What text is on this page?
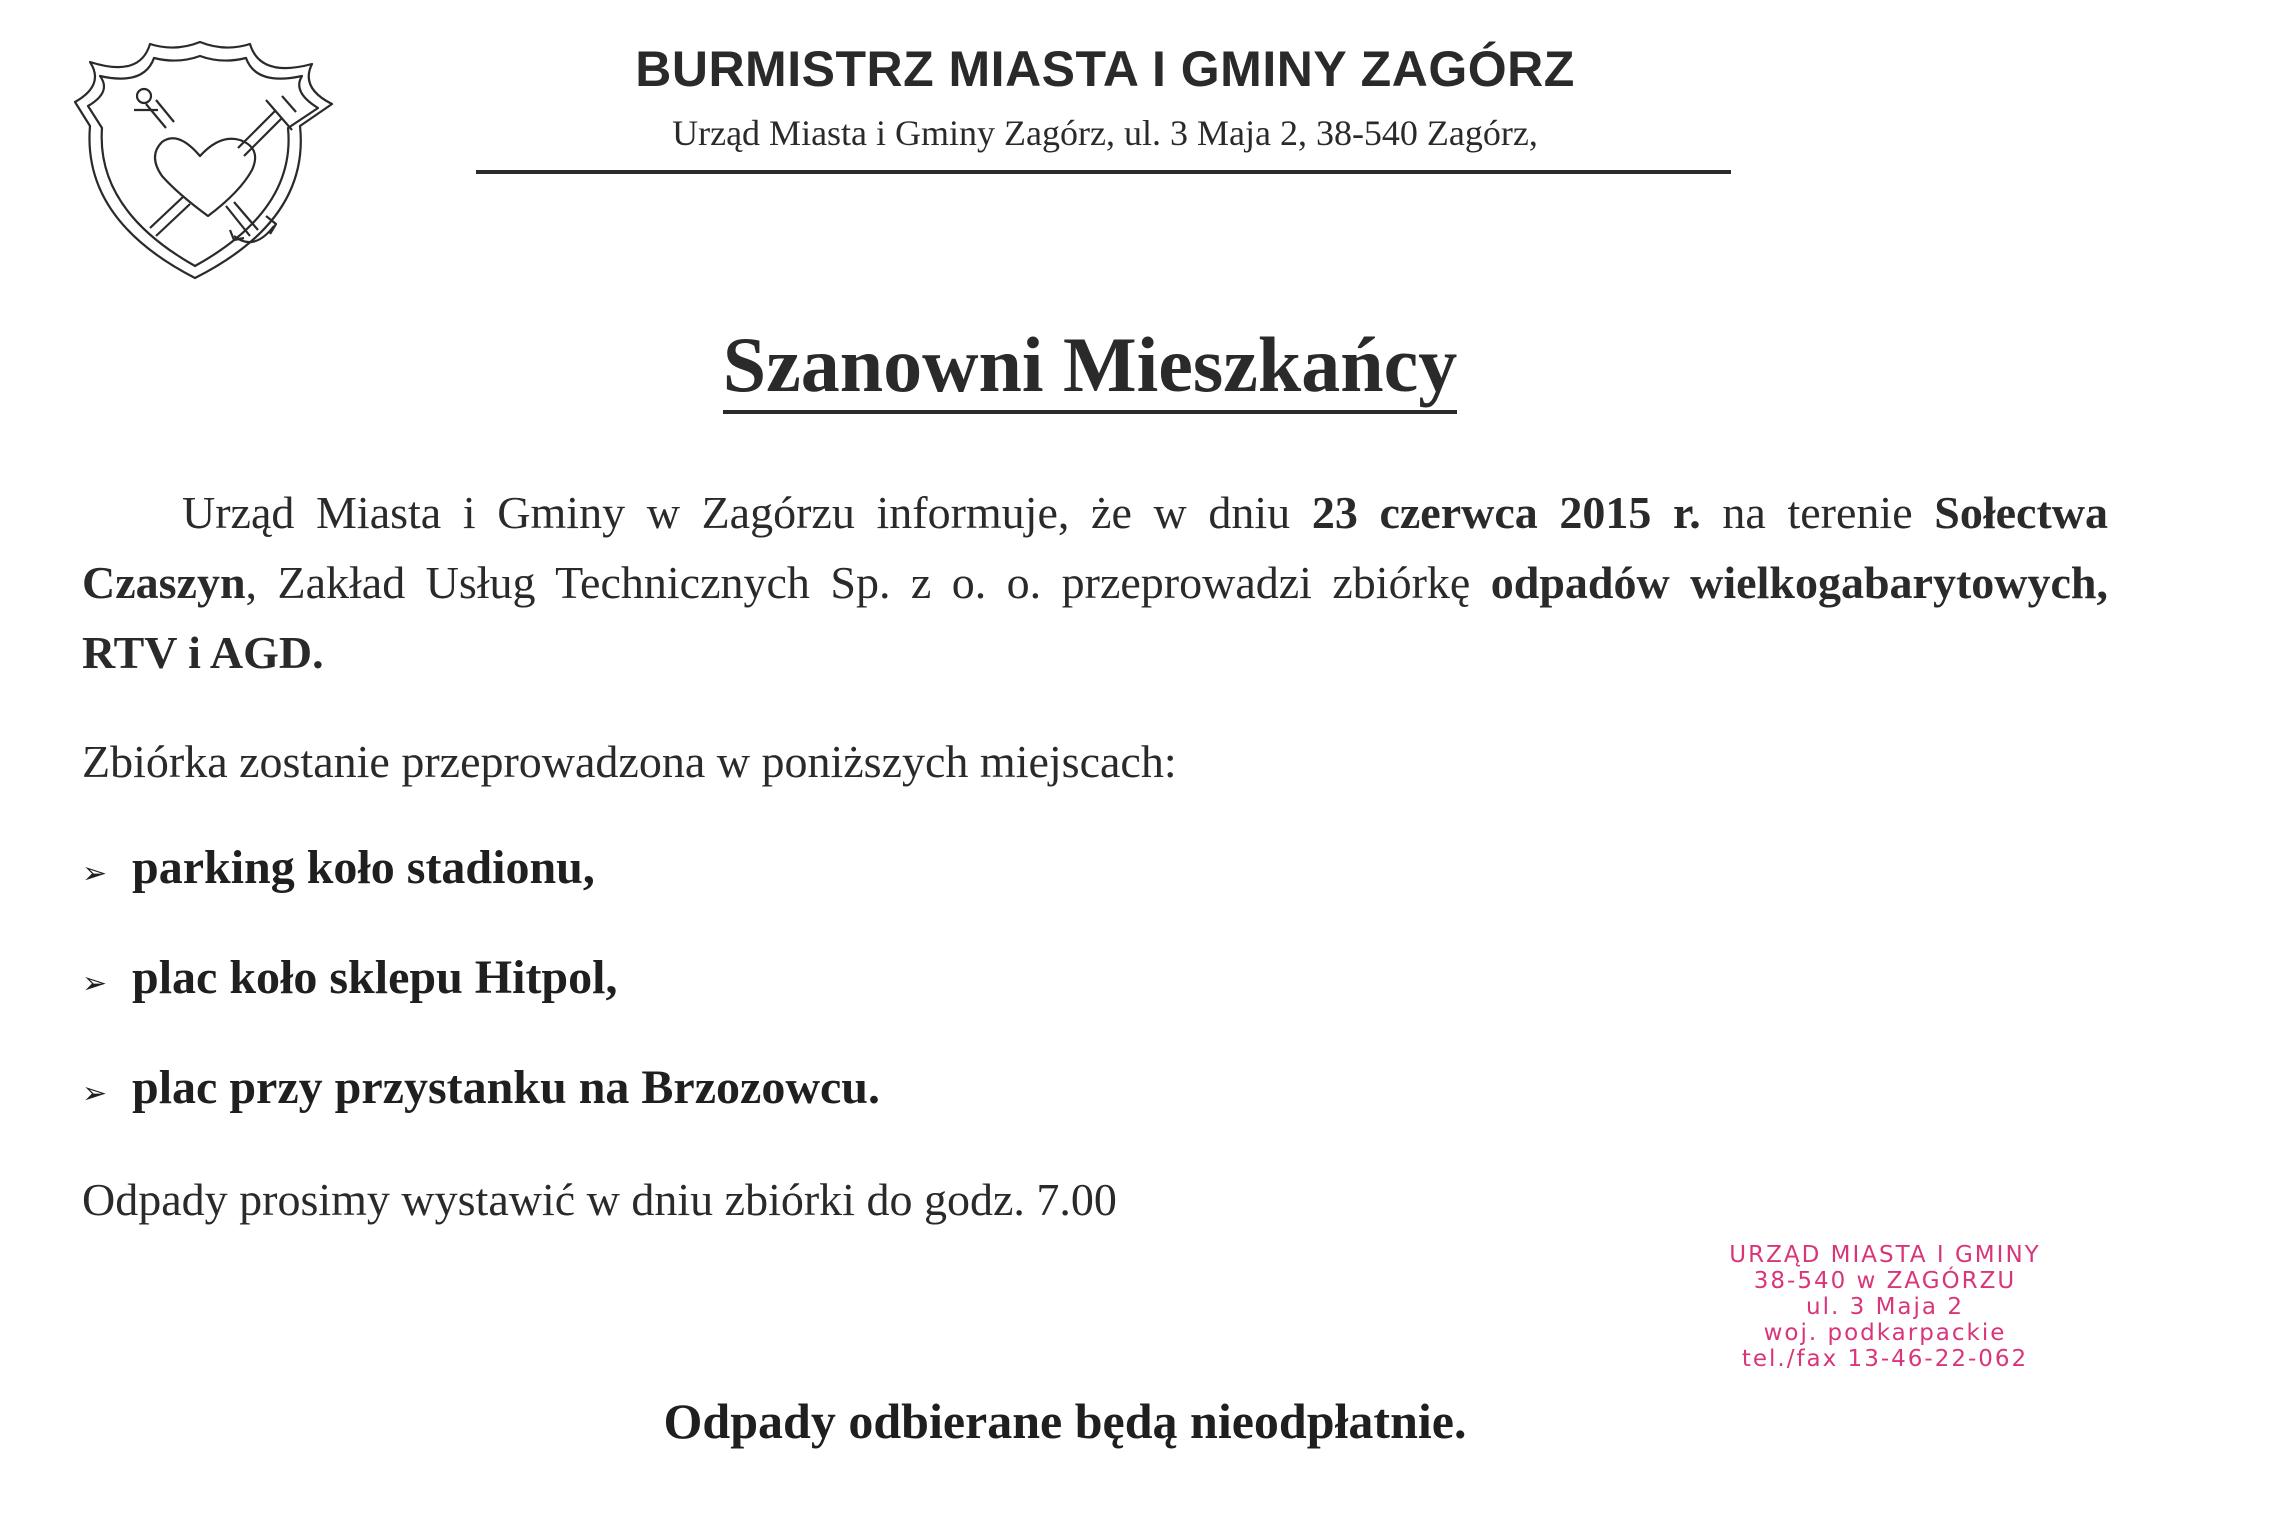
BURMISTRZ MIASTA I GMINY ZAGÓRZ
Urząd Miasta i Gminy Zagórz, ul. 3 Maja 2, 38-540 Zagórz,
Szanowni Mieszkańcy

Urząd Miasta i Gminy w Zagórzu informuje, że w dniu 23 czerwca 2015 r. na terenie Sołectwa Czaszyn, Zakład Usług Technicznych Sp. z o. o. przeprowadzi zbiórkę odpadów wielkogabarytowych, RTV i AGD.

Zbiórka zostanie przeprowadzona w poniższych miejscach:
➢ parking koło stadionu,
➢ plac koło sklepu Hitpol,
➢ plac przy przystanku na Brzozowcu.
Odpady prosimy wystawić w dniu zbiórki do godz. 7.00
URZĄD MIASTA I GMINY
38-540 w ZAGÓRZU
ul. 3 Maja 2
woj. podkarpackie
tel./fax 13-46-22-062
Odpady odbierane będą nieodpłatnie.
